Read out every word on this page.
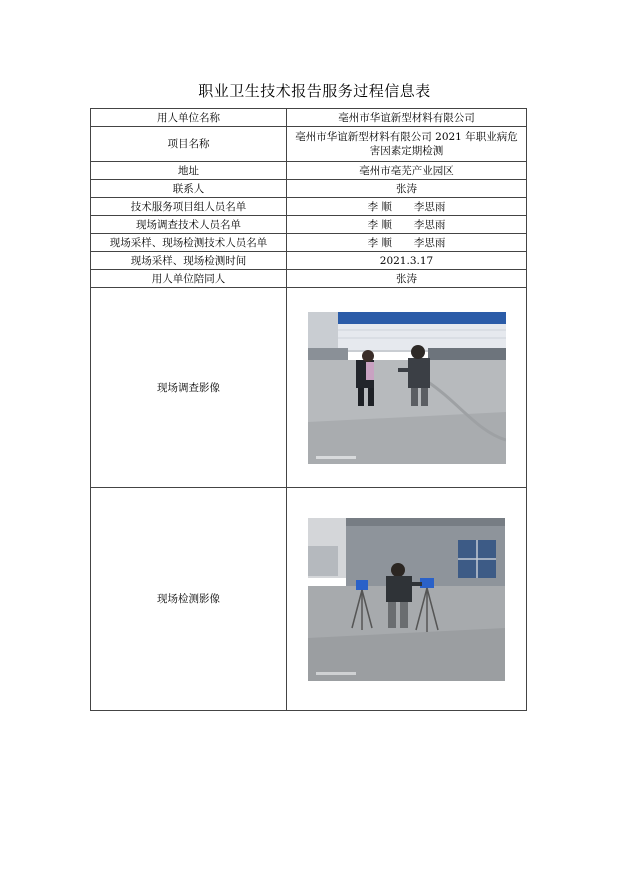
职业卫生技术报告服务过程信息表
用人单位名称	亳州市华谊新型材料有限公司
项目名称	亳州市华谊新型材料有限公司 2021 年职业病危
害因素定期检测

地址	亳州市亳芜产业园区
联系人	张涛
技术服务项目组人员名单	李 顺 李思雨
现场调查技术人员名单	李 顺 李思雨
现场采样、现场检测技术人员名单	李 顺 李思雨
现场采样、现场检测时间	2021.3.17
用人单位陪同人	张涛
现场调查影像	

现场检测影像	
